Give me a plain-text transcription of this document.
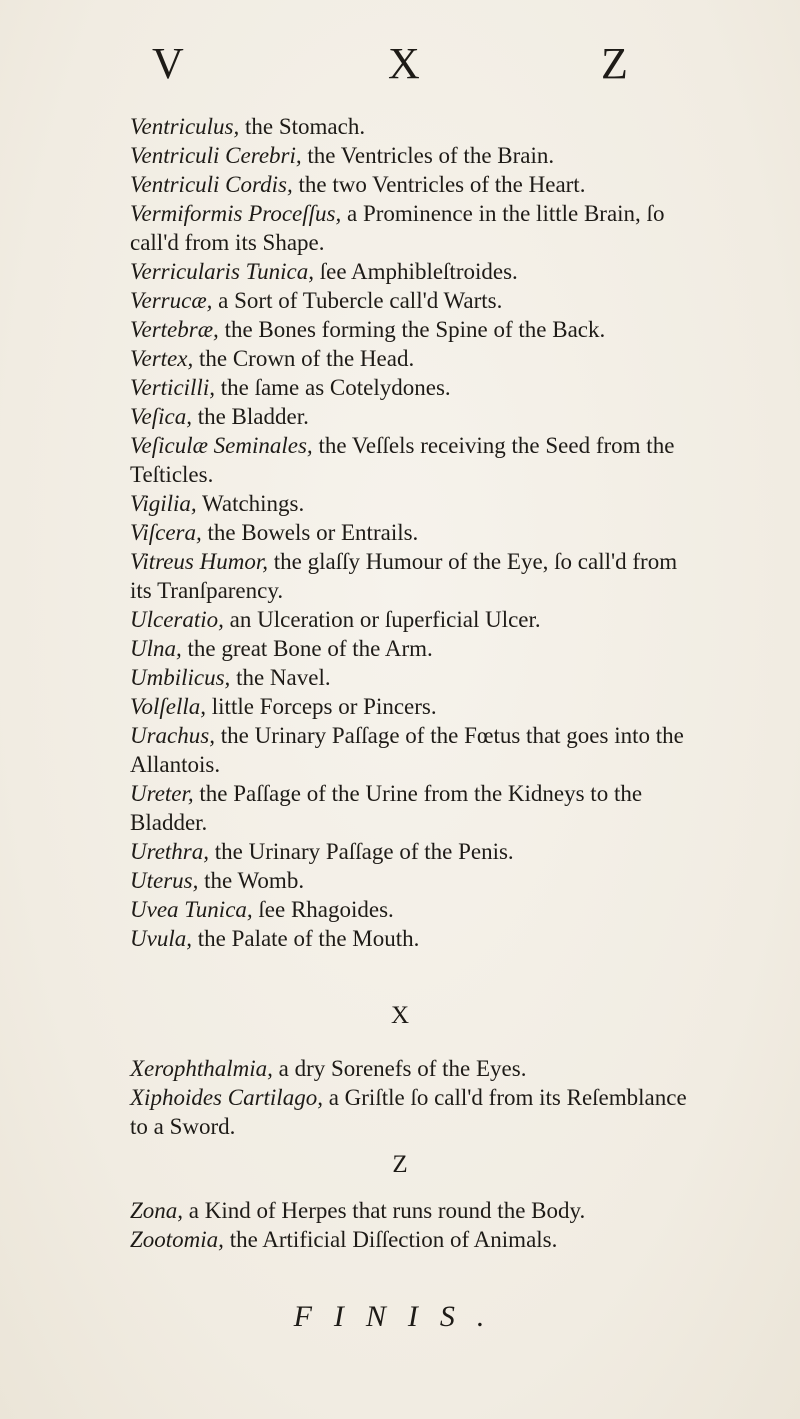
V	X	Z
Ventriculus, the Stomach.
Ventriculi Cerebri, the Ventricles of the Brain.
Ventriculi Cordis, the two Ventricles of the Heart.
Vermiformis Proceſſus, a Prominence in the little Brain, ſo
call'd from its Shape.
Verricularis Tunica, ſee Amphibleſtroides.
Verrucæ, a Sort of Tubercle call'd Warts.
Vertebræ, the Bones forming the Spine of the Back.
Vertex, the Crown of the Head.
Verticilli, the ſame as Cotelydones.
Veſica, the Bladder.
Veſiculæ Seminales, the Veſſels receiving the Seed from the
Teſticles.
Vigilia, Watchings.
Viſcera, the Bowels or Entrails.
Vitreus Humor, the glaſſy Humour of the Eye, ſo call'd from
its Tranſparency.
Ulceratio, an Ulceration or ſuperficial Ulcer.
Ulna, the great Bone of the Arm.
Umbilicus, the Navel.
Volſella, little Forceps or Pincers.
Urachus, the Urinary Paſſage of the Fœtus that goes into the
Allantois.
Ureter, the Paſſage of the Urine from the Kidneys to the
Bladder.
Urethra, the Urinary Paſſage of the Penis.
Uterus, the Womb.
Uvea Tunica, ſee Rhagoides.
Uvula, the Palate of the Mouth.
X
Xerophthalmia, a dry Sorenefs of the Eyes.
Xiphoides Cartilago, a Griſtle ſo call'd from its Reſemblance
to a Sword.
Z
Zona, a Kind of Herpes that runs round the Body.
Zootomia, the Artificial Diſſection of Animals.
FINIS.
